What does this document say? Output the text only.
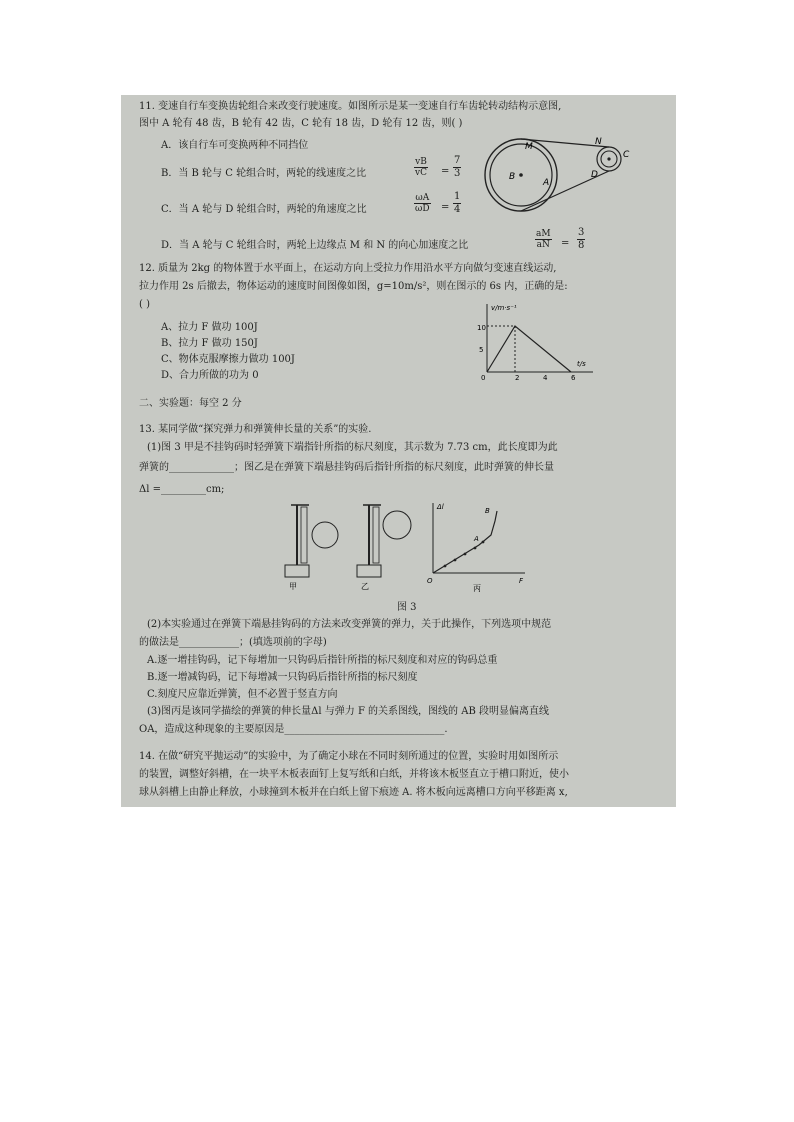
11. 变速自行车变换齿轮组合来改变行驶速度。如图所示是某一变速自行车齿轮转动结构示意图,
图中 A 轮有 48 齿，B 轮有 42 齿，C 轮有 18 齿，D 轮有 12 齿，则( )
A．该自行车可变换两种不同挡位
B．当 B 轮与 C 轮组合时，两轮的线速度之比	$\frac{vB}{vC} = \frac{7}{3}$
C．当 A 轮与 D 轮组合时，两轮的角速度之比	$\frac{\omega A}{\omega D} = \frac{1}{4}$
D．当 A 轮与 C 轮组合时，两轮上边缘点 M 和 N 的向心加速度之比	$\frac{aM}{aN} = \frac{3}{8}$
M	N
B
A
D
C
12. 质量为 2kg 的物体置于水平面上，在运动方向上受拉力作用沿水平方向做匀变速直线运动,
拉力作用 2s 后撤去，物体运动的速度时间图像如图，g=10m/s²，则在图示的 6s 内，正确的是:
( )
A、拉力 F 做功 100J
B、拉力 F 做功 150J
C、物体克服摩擦力做功 100J
D、合力所做的功为 0
v/m·s⁻¹
t/s
10
5
0	2	4	6
二、实验题：每空 2 分
13. 某同学做“探究弹力和弹簧伸长量的关系”的实验.
(1)图 3 甲是不挂钩码时轻弹簧下端指针所指的标尺刻度，其示数为 7.73 cm，此长度即为此
弹簧的_____________；图乙是在弹簧下端悬挂钩码后指针所指的标尺刻度，此时弹簧的伸长量
Δl =_________cm;
甲	乙
Δl	B
A
O	F
丙
图 3
(2)本实验通过在弹簧下端悬挂钩码的方法来改变弹簧的弹力，关于此操作，下列选项中规范
的做法是____________；(填选项前的字母)
A.逐一增挂钩码，记下每增加一只钩码后指针所指的标尺刻度和对应的钩码总重
B.逐一增减钩码，记下每增减一只钩码后指针所指的标尺刻度
C.刻度尺应靠近弹簧，但不必置于竖直方向
(3)图丙是该同学描绘的弹簧的伸长量Δl 与弹力 F 的关系图线，图线的 AB 段明显偏离直线
OA，造成这种现象的主要原因是________________________________.
14. 在做“研究平抛运动”的实验中，为了确定小球在不同时刻所通过的位置，实验时用如图所示
的装置，调整好斜槽，在一块平木板表面钉上复写纸和白纸，并将该木板竖直立于槽口附近，使小
球从斜槽上由静止释放，小球撞到木板并在白纸上留下痕迹 A. 将木板向远离槽口方向平移距离 x,
